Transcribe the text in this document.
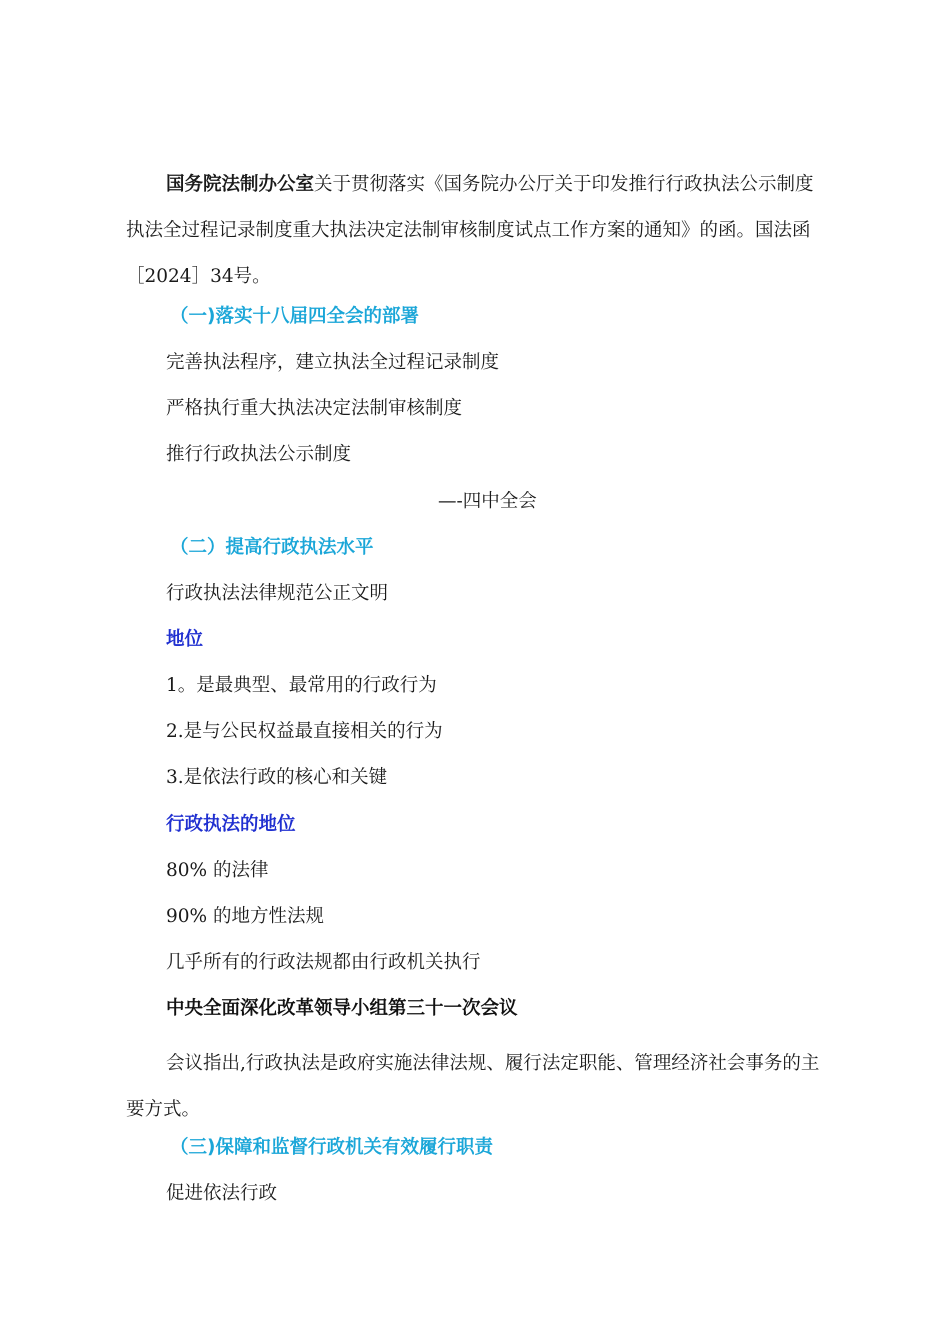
国务院法制办公室关于贯彻落实《国务院办公厅关于印发推行行政执法公示制度执法全过程记录制度重大执法决定法制审核制度试点工作方案的通知》的函。国法函［2024］34号。

（一)落实十八届四全会的部署

完善执法程序，建立执法全过程记录制度

严格执行重大执法决定法制审核制度

推行行政执法公示制度

—-四中全会

（二）提高行政执法水平

行政执法法律规范公正文明

地位

1。是最典型、最常用的行政行为

2.是与公民权益最直接相关的行为

3.是依法行政的核心和关键

行政执法的地位

80% 的法律

90% 的地方性法规

几乎所有的行政法规都由行政机关执行

中央全面深化改革领导小组第三十一次会议

会议指出,行政执法是政府实施法律法规、履行法定职能、管理经济社会事务的主要方式。

（三)保障和监督行政机关有效履行职责

促进依法行政
